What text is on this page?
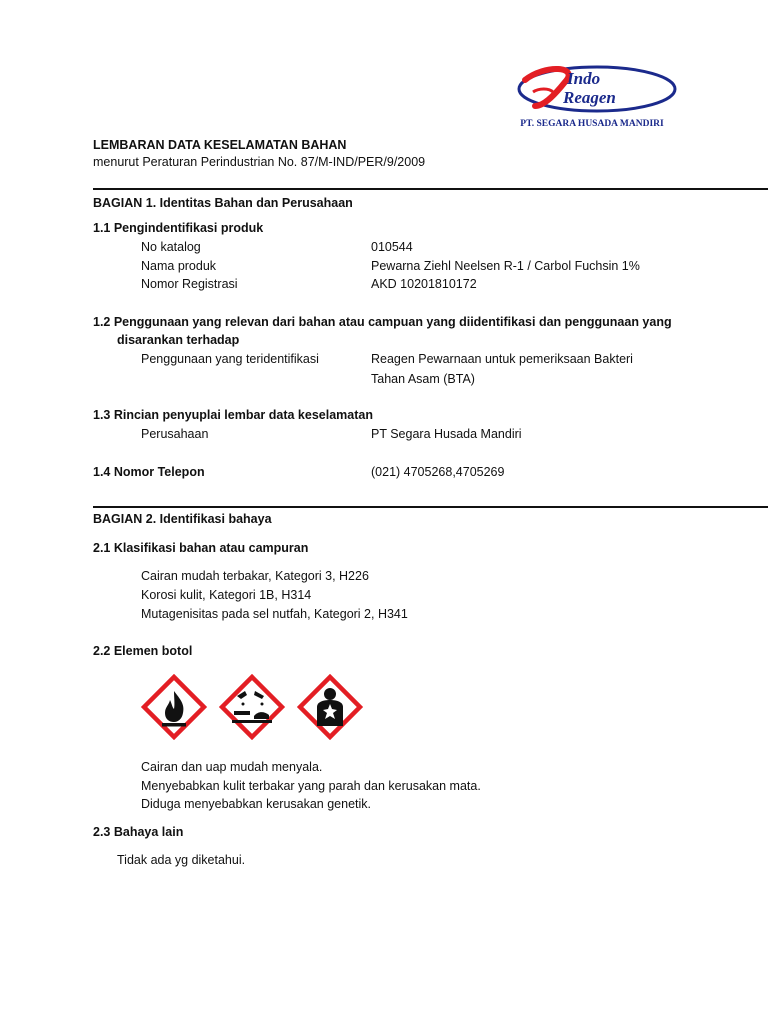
Indo
Reagen
PT. SEGARA HUSADA MANDIRI
LEMBARAN DATA KESELAMATAN BAHAN
menurut Peraturan Perindustrian No. 87/M-IND/PER/9/2009
BAGIAN 1. Identitas Bahan dan Perusahaan
1.1 Pengindentifikasi produk
No katalog	010544
Nama produk	Pewarna Ziehl Neelsen R-1 / Carbol Fuchsin 1%
Nomor Registrasi	AKD 10201810172
1.2 Penggunaan yang relevan dari bahan atau campuan yang diidentifikasi dan penggunaan yang
disarankan terhadap
Penggunaan yang teridentifikasi	Reagen Pewarnaan untuk pemeriksaan Bakteri
Tahan Asam (BTA)
1.3 Rincian penyuplai lembar data keselamatan
Perusahaan	PT Segara Husada Mandiri
1.4 Nomor Telepon	(021) 4705268,4705269
BAGIAN 2. Identifikasi bahaya
2.1 Klasifikasi bahan atau campuran
Cairan mudah terbakar, Kategori 3, H226
Korosi kulit, Kategori 1B, H314
Mutagenisitas pada sel nutfah, Kategori 2, H341
2.2 Elemen botol
Cairan dan uap mudah menyala.
Menyebabkan kulit terbakar yang parah dan kerusakan mata.
Diduga menyebabkan kerusakan genetik.
2.3 Bahaya lain
Tidak ada yg diketahui.
